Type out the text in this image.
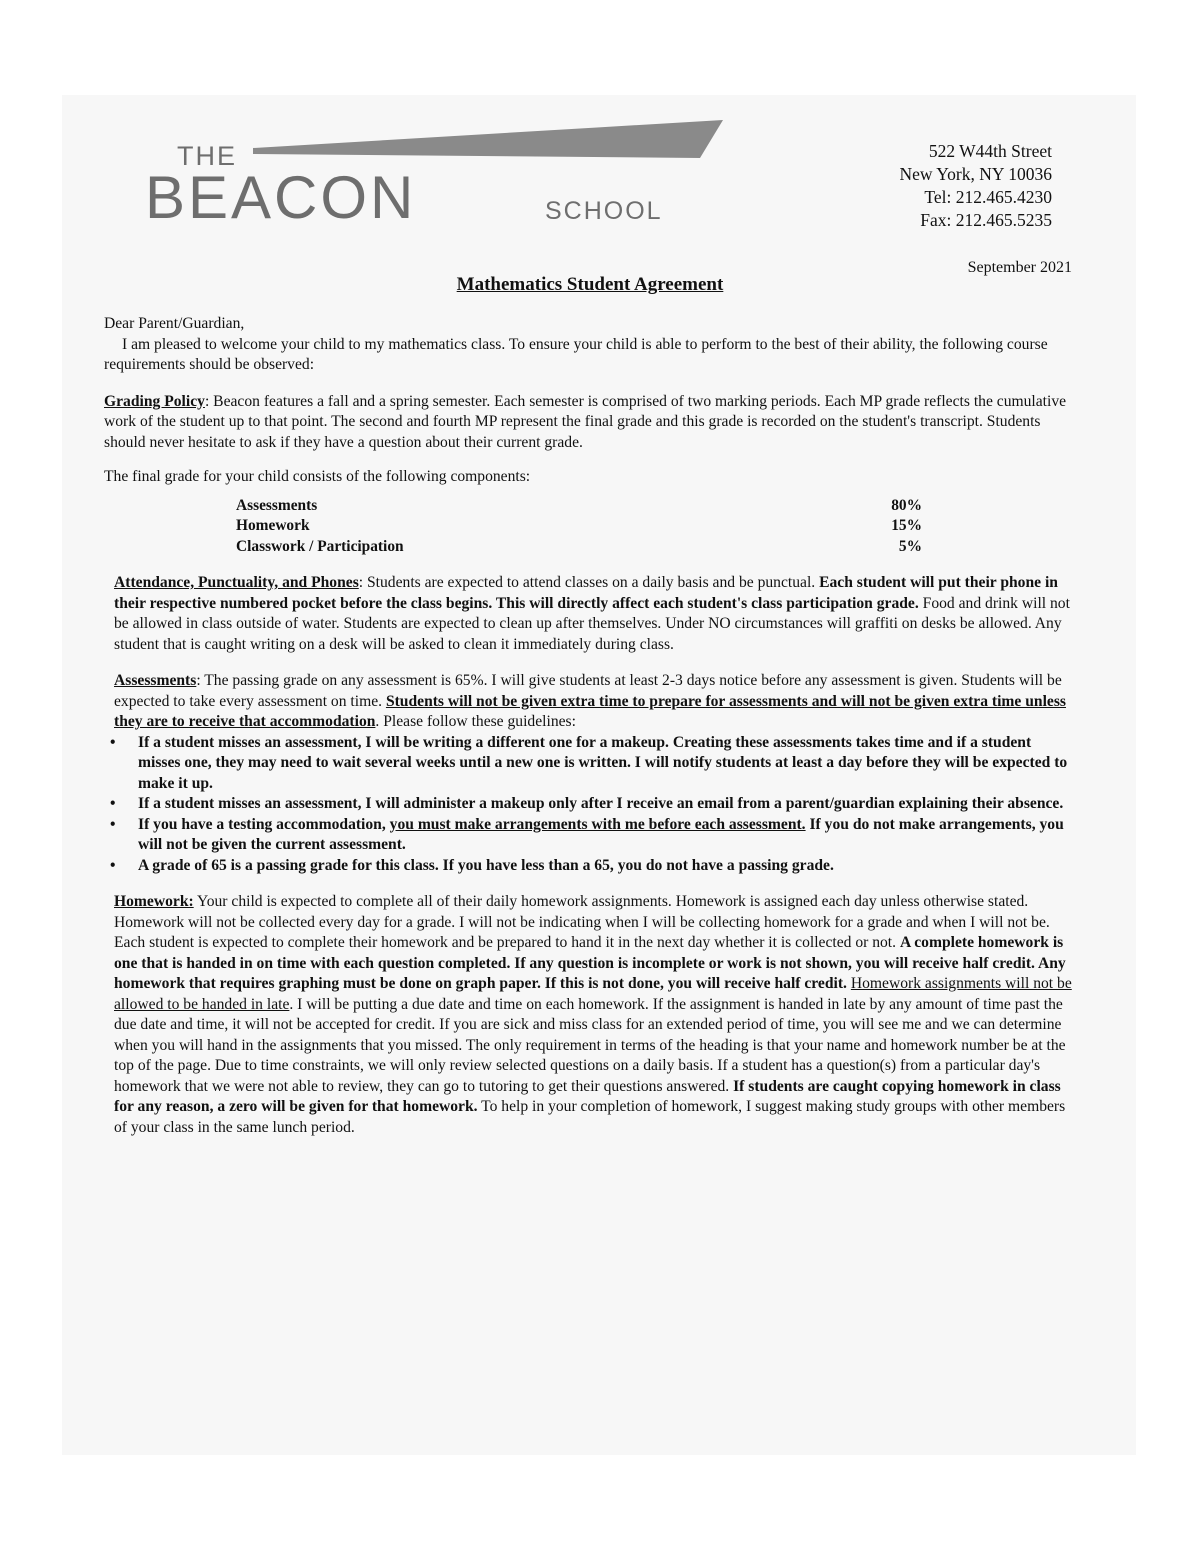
THE
BEACON	SCHOOL
522 W44th Street
New York, NY 10036
Tel: 212.465.4230
Fax: 212.465.5235
September 2021
Mathematics Student Agreement

Dear Parent/Guardian,

I am pleased to welcome your child to my mathematics class. To ensure your child is able to perform to the best of their ability, the following course requirements should be observed:

Grading Policy: Beacon features a fall and a spring semester. Each semester is comprised of two marking periods. Each MP grade reflects the cumulative work of the student up to that point. The second and fourth MP represent the final grade and this grade is recorded on the student's transcript. Students should never hesitate to ask if they have a question about their current grade.

The final grade for your child consists of the following components:

Assessments	80%
Homework	15%
Classwork / Participation	5%

Attendance, Punctuality, and Phones: Students are expected to attend classes on a daily basis and be punctual. Each student will put their phone in their respective numbered pocket before the class begins. This will directly affect each student's class participation grade. Food and drink will not be allowed in class outside of water. Students are expected to clean up after themselves. Under NO circumstances will graffiti on desks be allowed. Any student that is caught writing on a desk will be asked to clean it immediately during class.

Assessments: The passing grade on any assessment is 65%. I will give students at least 2-3 days notice before any assessment is given. Students will be expected to take every assessment on time. Students will not be given extra time to prepare for assessments and will not be given extra time unless they are to receive that accommodation. Please follow these guidelines:

• If a student misses an assessment, I will be writing a different one for a makeup. Creating these assessments takes time and if a student misses one, they may need to wait several weeks until a new one is written. I will notify students at least a day before they will be expected to make it up.
• If a student misses an assessment, I will administer a makeup only after I receive an email from a parent/guardian explaining their absence.
• If you have a testing accommodation, you must make arrangements with me before each assessment. If you do not make arrangements, you will not be given the current assessment.
• A grade of 65 is a passing grade for this class. If you have less than a 65, you do not have a passing grade.

Homework: Your child is expected to complete all of their daily homework assignments. Homework is assigned each day unless otherwise stated. Homework will not be collected every day for a grade. I will not be indicating when I will be collecting homework for a grade and when I will not be. Each student is expected to complete their homework and be prepared to hand it in the next day whether it is collected or not. A complete homework is one that is handed in on time with each question completed. If any question is incomplete or work is not shown, you will receive half credit. Any homework that requires graphing must be done on graph paper. If this is not done, you will receive half credit. Homework assignments will not be allowed to be handed in late. I will be putting a due date and time on each homework. If the assignment is handed in late by any amount of time past the due date and time, it will not be accepted for credit. If you are sick and miss class for an extended period of time, you will see me and we can determine when you will hand in the assignments that you missed. The only requirement in terms of the heading is that your name and homework number be at the top of the page. Due to time constraints, we will only review selected questions on a daily basis. If a student has a question(s) from a particular day's homework that we were not able to review, they can go to tutoring to get their questions answered. If students are caught copying homework in class for any reason, a zero will be given for that homework. To help in your completion of homework, I suggest making study groups with other members of your class in the same lunch period.
